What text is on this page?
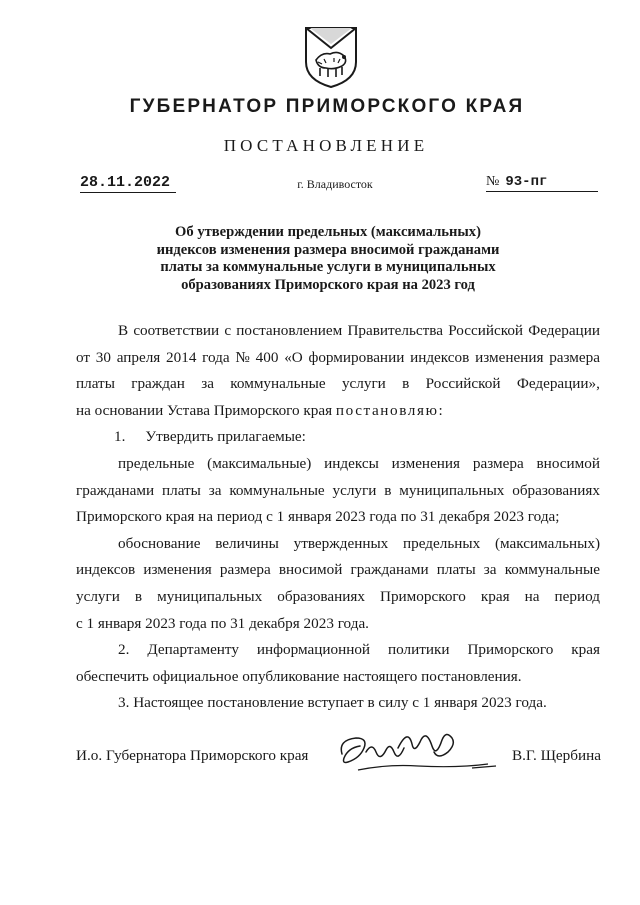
ГУБЕРНАТОР ПРИМОРСКОГО КРАЯ
ПОСТАНОВЛЕНИЕ
28.11.2022	г. Владивосток	№ 93-пг
Об утверждении предельных (максимальных)
индексов изменения размера вносимой гражданами
платы за коммунальные услуги в муниципальных
образованиях Приморского края на 2023 год
В соответствии с постановлением Правительства Российской Федерации
от 30 апреля 2014 года № 400 «О формировании индексов изменения размера
платы граждан за коммунальные услуги в Российской Федерации»,
на основании Устава Приморского края постановляю:
1. Утвердить прилагаемые:
предельные (максимальные) индексы изменения размера вносимой
гражданами платы за коммунальные услуги в муниципальных образованиях
Приморского края на период с 1 января 2023 года по 31 декабря 2023 года;
обоснование величины утвержденных предельных (максимальных)
индексов изменения размера вносимой гражданами платы за коммунальные
услуги в муниципальных образованиях Приморского края на период
с 1 января 2023 года по 31 декабря 2023 года.
2. Департаменту информационной политики Приморского края
обеспечить официальное опубликование настоящего постановления.
3. Настоящее постановление вступает в силу с 1 января 2023 года.
И.о. Губернатора Приморского края	В.Г. Щербина
